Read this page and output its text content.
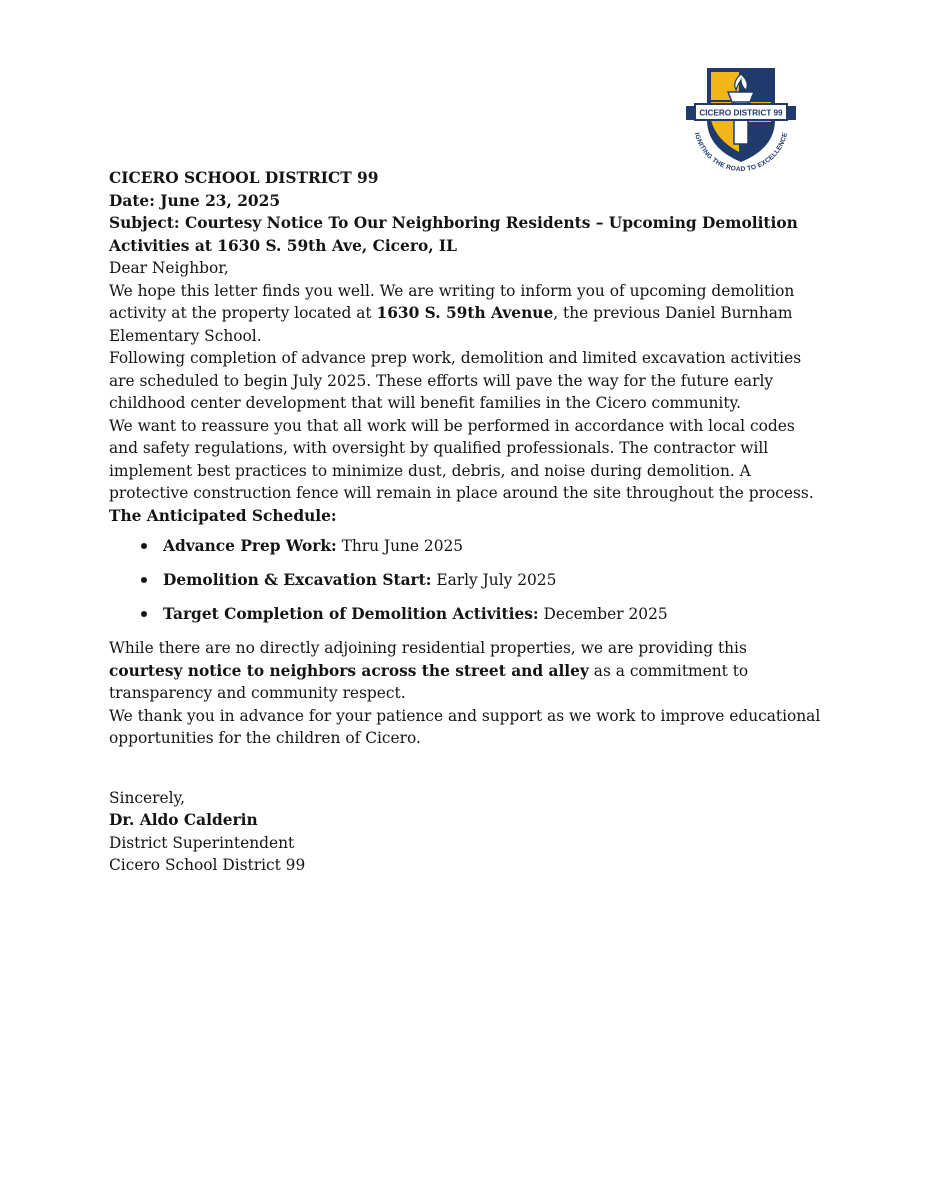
CICERO DISTRICT 99
IGNITING THE ROAD TO EXCELLENCE

CICERO SCHOOL DISTRICT 99

Date: June 23, 2025

Subject: Courtesy Notice To Our Neighboring Residents – Upcoming Demolition Activities at 1630 S. 59th Ave, Cicero, IL

Dear Neighbor,

We hope this letter finds you well. We are writing to inform you of upcoming demolition activity at the property located at 1630 S. 59th Avenue, the previous Daniel Burnham Elementary School.

Following completion of advance prep work, demolition and limited excavation activities are scheduled to begin July 2025. These efforts will pave the way for the future early childhood center development that will benefit families in the Cicero community.

We want to reassure you that all work will be performed in accordance with local codes and safety regulations, with oversight by qualified professionals. The contractor will implement best practices to minimize dust, debris, and noise during demolition. A protective construction fence will remain in place around the site throughout the process.

The Anticipated Schedule:

Advance Prep Work: Thru June 2025
Demolition & Excavation Start: Early July 2025
Target Completion of Demolition Activities: December 2025

While there are no directly adjoining residential properties, we are providing this courtesy notice to neighbors across the street and alley as a commitment to transparency and community respect.

We thank you in advance for your patience and support as we work to improve educational opportunities for the children of Cicero.

Sincerely,

Dr. Aldo Calderin

District Superintendent

Cicero School District 99
